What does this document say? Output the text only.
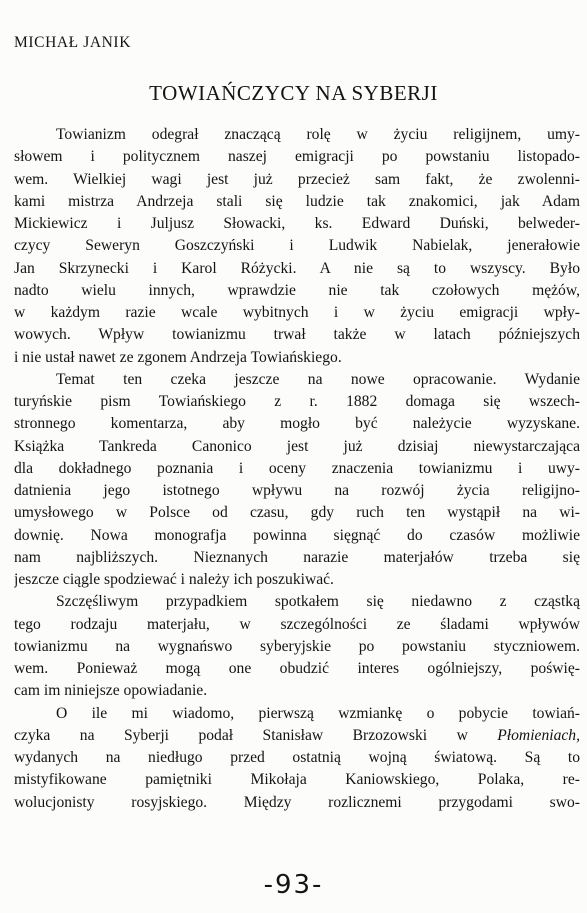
MICHAŁ JANIK
TOWIAŃCZYCY NA SYBERJI
Towianizm odegrał znaczącą rolę w życiu religijnem, umy-
słowem i politycznem naszej emigracji po powstaniu listopado-
wem. Wielkiej wagi jest już przecież sam fakt, że zwolenni-
kami mistrza Andrzeja stali się ludzie tak znakomici, jak Adam
Mickiewicz i Juljusz Słowacki, ks. Edward Duński, belweder-
czycy Seweryn Goszczyński i Ludwik Nabielak, jenerałowie
Jan Skrzynecki i Karol Różycki. A nie są to wszyscy. Było
nadto wielu innych, wprawdzie nie tak czołowych mężów,
w każdym razie wcale wybitnych i w życiu emigracji wpły-
wowych. Wpływ towianizmu trwał także w latach późniejszych
i nie ustał nawet ze zgonem Andrzeja Towiańskiego.
Temat ten czeka jeszcze na nowe opracowanie. Wydanie
turyńskie pism Towiańskiego z r. 1882 domaga się wszech-
stronnego komentarza, aby mogło być należycie wyzyskane.
Książka Tankreda Canonico jest już dzisiaj niewystarczająca
dla dokładnego poznania i oceny znaczenia towianizmu i uwy-
datnienia jego istotnego wpływu na rozwój życia religijno-
umysłowego w Polsce od czasu, gdy ruch ten wystąpił na wi-
downię. Nowa monografja powinna sięgnąć do czasów możliwie
nam najbliższych. Nieznanych narazie materjałów trzeba się
jeszcze ciągle spodziewać i należy ich poszukiwać.
Szczęśliwym przypadkiem spotkałem się niedawno z cząstką
tego rodzaju materjału, w szczególności ze śladami wpływów
towianizmu na wygnańswo syberyjskie po powstaniu styczniowem.
wem. Ponieważ mogą one obudzić interes ogólniejszy, poświę-
cam im niniejsze opowiadanie.
O ile mi wiadomo, pierwszą wzmiankę o pobycie towiań-
czyka na Syberji podał Stanisław Brzozowski w Płomieniach,
wydanych na niedługo przed ostatnią wojną światową. Są to
mistyfikowane pamiętniki Mikołaja Kaniowskiego, Polaka, re-
wolucjonisty rosyjskiego. Między rozlicznemi przygodami swo-
-93-
